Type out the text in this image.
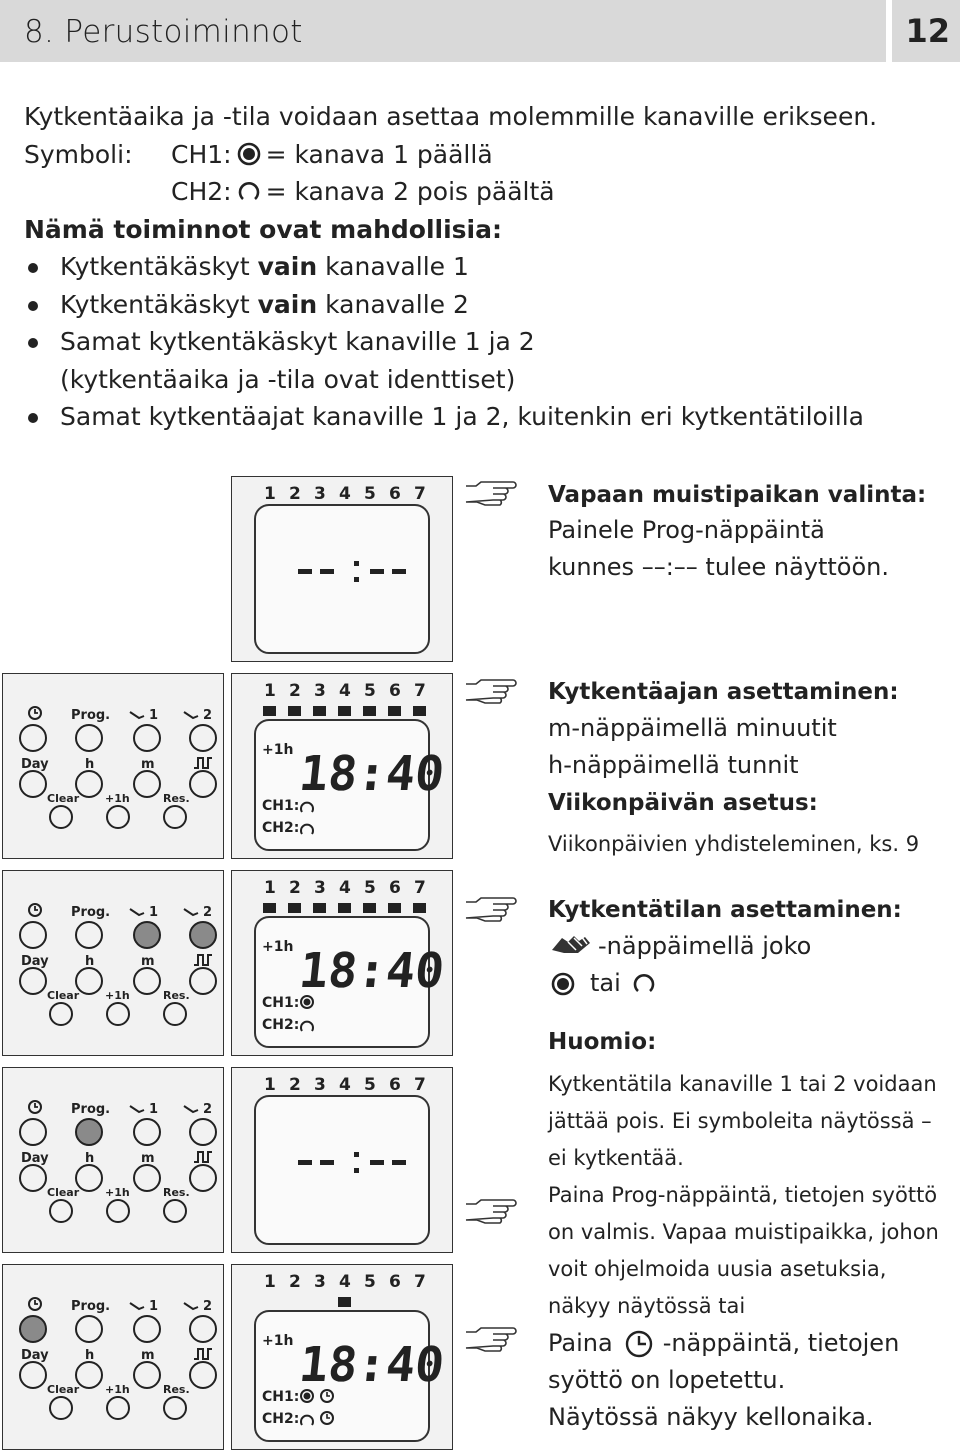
8. Perustoiminnot	12

Kytkentäaika ja -tila voidaan asettaa molemmille kanaville erikseen.

Symboli:	CH1: = kanava 1 päällä

CH2: = kanava 2 pois päältä

Nämä toiminnot ovat mahdollisia:

Kytkentäkäskyt vain kanavalle 1
Kytkentäkäskyt vain kanavalle 2
Samat kytkentäkäskyt kanaville 1 ja 2
(kytkentäaika ja -tila ovat identtiset)
Samat kytkentäajat kanaville 1 ja 2, kuitenkin eri kytkentätiloilla
1 2 3 4 5 6 7
Prog.	1	2
Day	h	m
Clear +1h	Res.
1 2 3 4 5 6 7
+1h 18:40
CH1:
CH2:
Prog.	1	2
Day	h	m
Clear +1h	Res.
1 2 3 4 5 6 7
+1h 18:40
CH1:
CH2:
Prog.	1	2
Day	h	m
Clear +1h	Res.
1 2 3 4 5 6 7
Prog.	1	2
Day	h	m
Clear +1h	Res.
1 2 3 4 5 6 7
+1h 18:40
CH1:
CH2:

Vapaan muistipaikan valinta:

Painele Prog-näppäintä

kunnes ––:–– tulee näyttöön.

Kytkentäajan asettaminen:

m-näppäimellä minuutit

h-näppäimellä tunnit

Viikonpäivän asetus:

Viikonpäivien yhdisteleminen, ks. 9

Kytkentätilan asettaminen:

-näppäimellä joko

tai

Huomio:

Kytkentätila kanaville 1 tai 2 voidaan

jättää pois. Ei symboleita näytössä –

ei kytkentää.

Paina Prog-näppäintä, tietojen syöttö

on valmis. Vapaa muistipaikka, johon

voit ohjelmoida uusia asetuksia,

näkyy näytössä tai

Paina -näppäintä, tietojen

syöttö on lopetettu.

Näytössä näkyy kellonaika.
